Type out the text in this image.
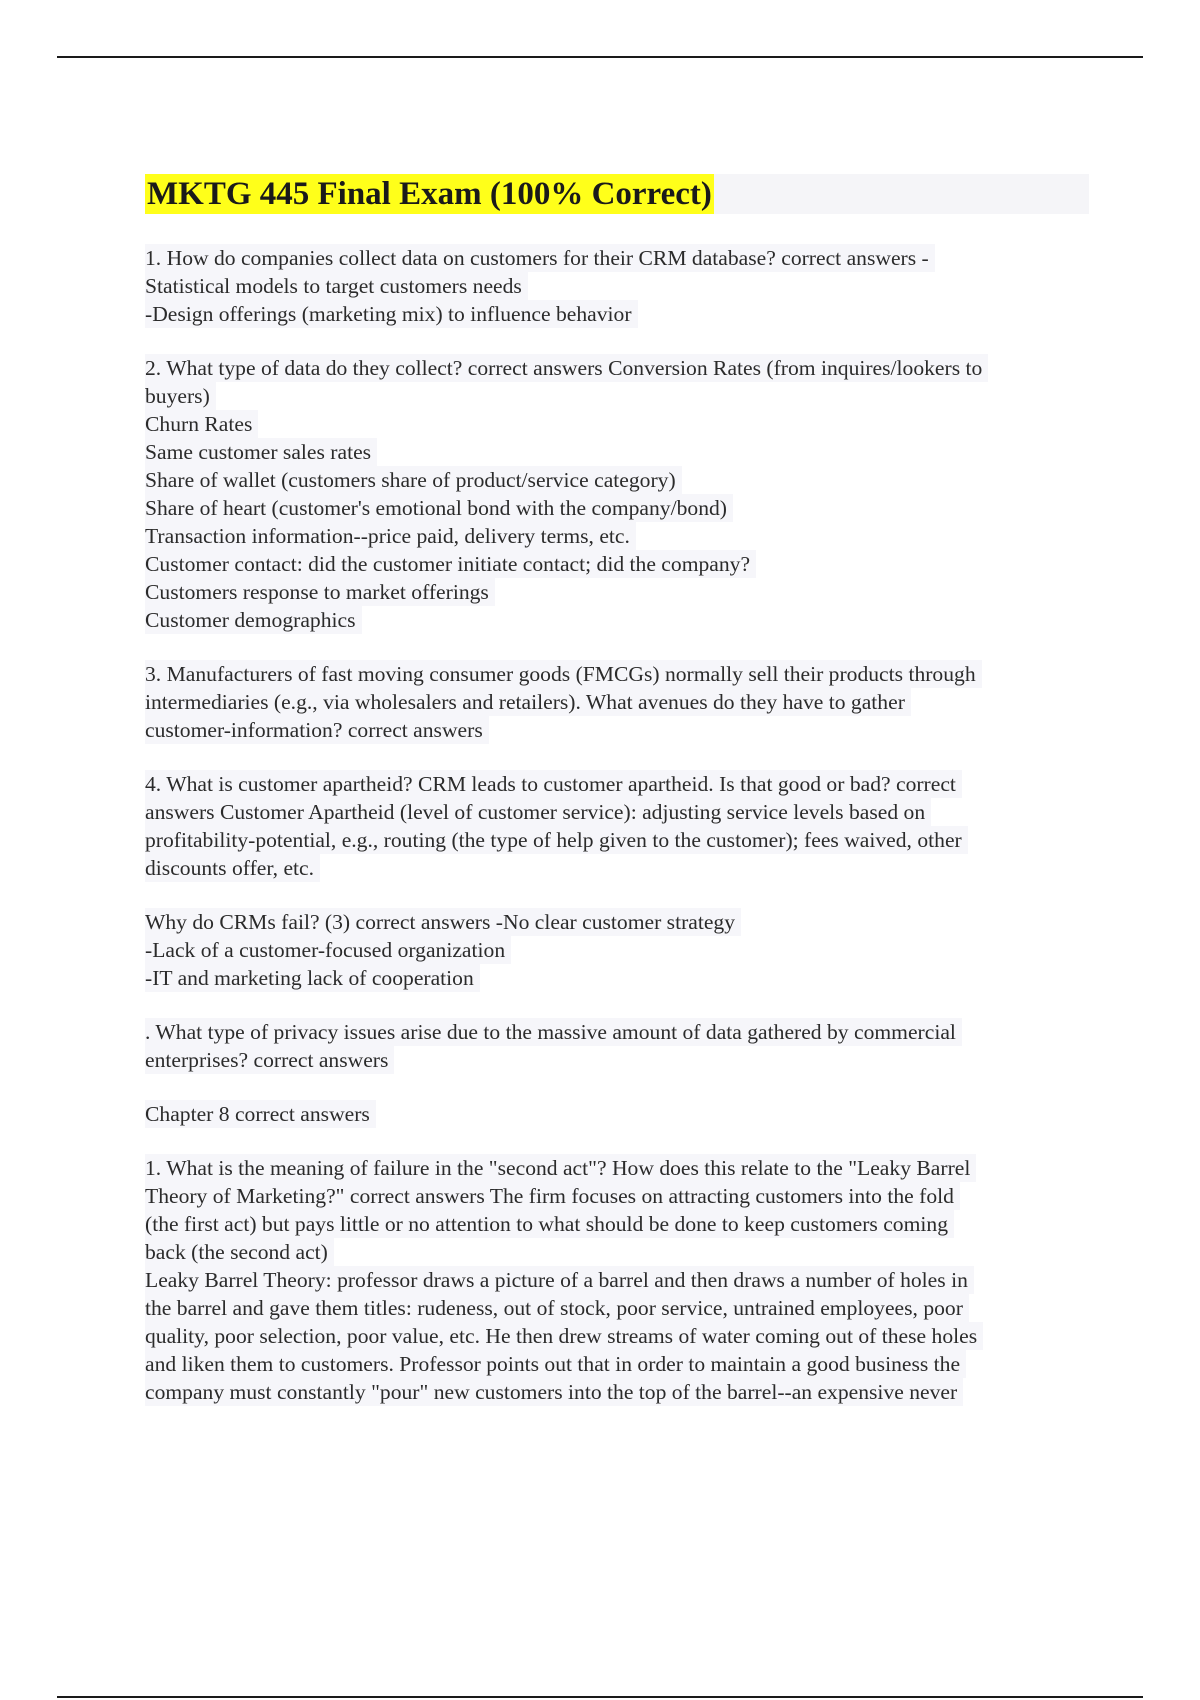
MKTG 445 Final Exam (100% Correct)
1. How do companies collect data on customers for their CRM database? correct answers -
Statistical models to target customers needs
-Design offerings (marketing mix) to influence behavior
2. What type of data do they collect? correct answers Conversion Rates (from inquires/lookers to
buyers)
Churn Rates
Same customer sales rates
Share of wallet (customers share of product/service category)
Share of heart (customer's emotional bond with the company/bond)
Transaction information--price paid, delivery terms, etc.
Customer contact: did the customer initiate contact; did the company?
Customers response to market offerings
Customer demographics
3. Manufacturers of fast moving consumer goods (FMCGs) normally sell their products through
intermediaries (e.g., via wholesalers and retailers). What avenues do they have to gather
customer-information? correct answers
4. What is customer apartheid? CRM leads to customer apartheid. Is that good or bad? correct
answers Customer Apartheid (level of customer service): adjusting service levels based on
profitability-potential, e.g., routing (the type of help given to the customer); fees waived, other
discounts offer, etc.
Why do CRMs fail? (3) correct answers -No clear customer strategy
-Lack of a customer-focused organization
-IT and marketing lack of cooperation
. What type of privacy issues arise due to the massive amount of data gathered by commercial
enterprises? correct answers
Chapter 8 correct answers
1. What is the meaning of failure in the "second act"? How does this relate to the "Leaky Barrel
Theory of Marketing?" correct answers The firm focuses on attracting customers into the fold
(the first act) but pays little or no attention to what should be done to keep customers coming
back (the second act)
Leaky Barrel Theory: professor draws a picture of a barrel and then draws a number of holes in
the barrel and gave them titles: rudeness, out of stock, poor service, untrained employees, poor
quality, poor selection, poor value, etc. He then drew streams of water coming out of these holes
and liken them to customers. Professor points out that in order to maintain a good business the
company must constantly "pour" new customers into the top of the barrel--an expensive never
